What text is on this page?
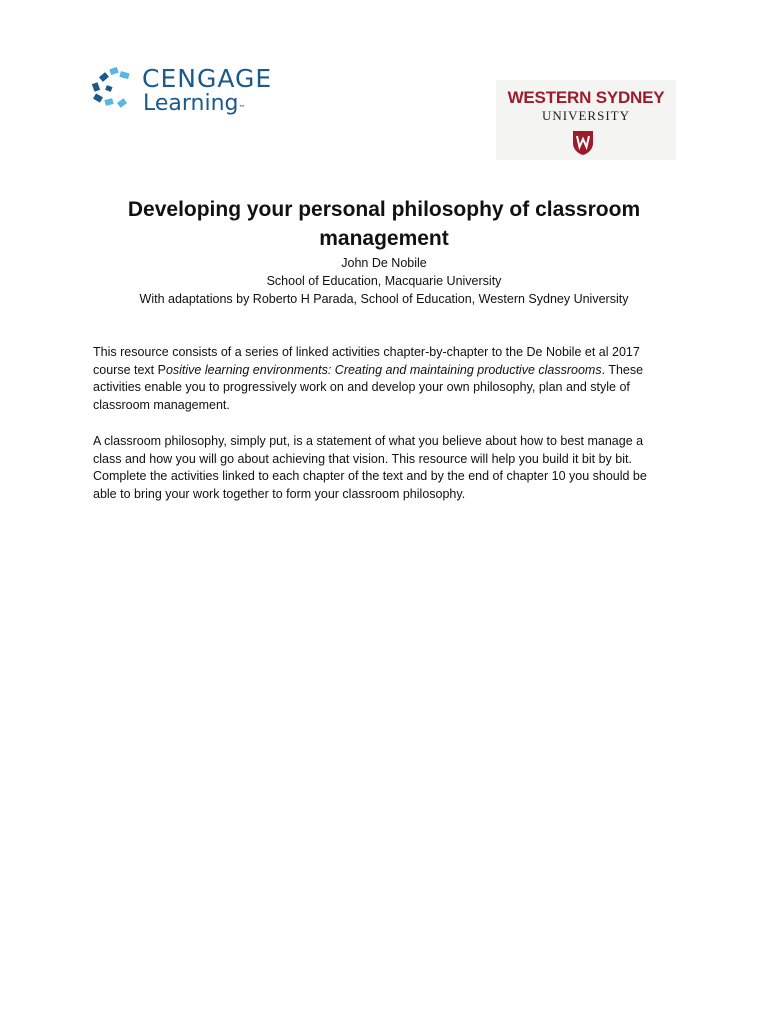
CENGAGE
Learning™
WESTERN SYDNEY
UNIVERSITY
Developing your personal philosophy of classroom management
John De Nobile
School of Education, Macquarie University
With adaptations by Roberto H Parada, School of Education, Western Sydney University

This resource consists of a series of linked activities chapter-by-chapter to the De Nobile et al 2017 course text Positive learning environments: Creating and maintaining productive classrooms. These activities enable you to progressively work on and develop your own philosophy, plan and style of classroom management.

A classroom philosophy, simply put, is a statement of what you believe about how to best manage a class and how you will go about achieving that vision. This resource will help you build it bit by bit. Complete the activities linked to each chapter of the text and by the end of chapter 10 you should be able to bring your work together to form your classroom philosophy.
